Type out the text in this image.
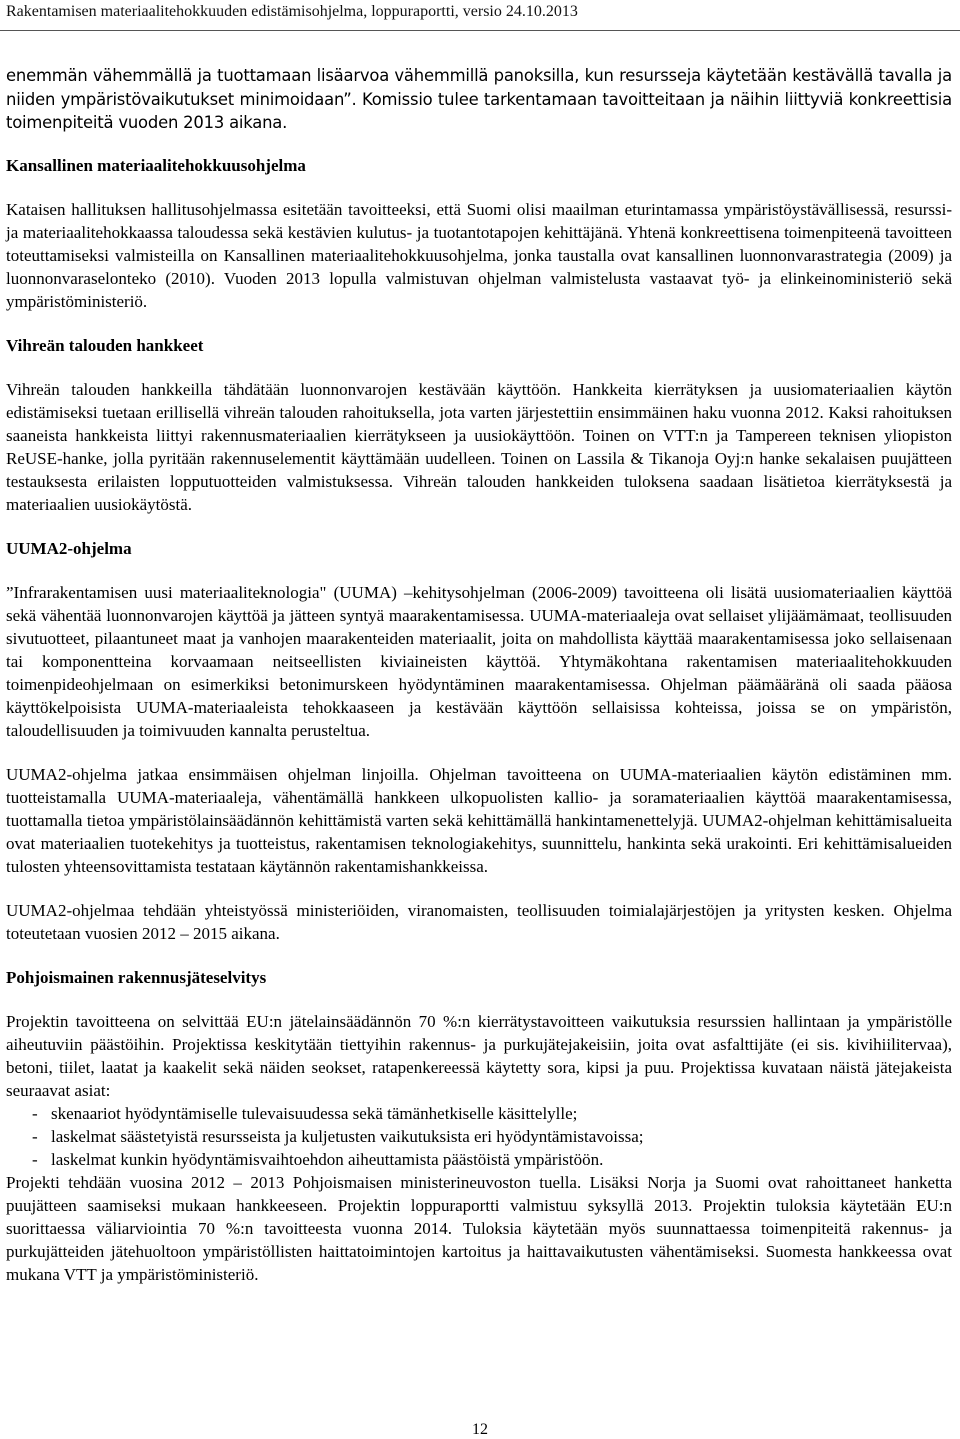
Rakentamisen materiaalitehokkuuden edistämisohjelma, loppuraportti, versio 24.10.2013

enemmän vähemmällä ja tuottamaan lisäarvoa vähemmillä panoksilla, kun resursseja käytetään kestävällä tavalla ja niiden ympäristövaikutukset minimoidaan”. Komissio tulee tarkentamaan tavoitteitaan ja näihin liittyviä konkreettisia toimenpiteitä vuoden 2013 aikana.

Kansallinen materiaalitehokkuusohjelma

Kataisen hallituksen hallitusohjelmassa esitetään tavoitteeksi, että Suomi olisi maailman eturintamassa ympäristöystävällisessä, resurssi- ja materiaalitehokkaassa taloudessa sekä kestävien kulutus- ja tuotantotapojen kehittäjänä. Yhtenä konkreettisena toimenpiteenä tavoitteen toteuttamiseksi valmisteilla on Kansallinen materiaalitehokkuusohjelma, jonka taustalla ovat kansallinen luonnonvarastrategia (2009) ja luonnonvaraselonteko (2010). Vuoden 2013 lopulla valmistuvan ohjelman valmistelusta vastaavat työ- ja elinkeinoministeriö sekä ympäristöministeriö.

Vihreän talouden hankkeet

Vihreän talouden hankkeilla tähdätään luonnonvarojen kestävään käyttöön. Hankkeita kierrätyksen ja uusiomateriaalien käytön edistämiseksi tuetaan erillisellä vihreän talouden rahoituksella, jota varten järjestettiin ensimmäinen haku vuonna 2012. Kaksi rahoituksen saaneista hankkeista liittyi rakennusmateriaalien kierrätykseen ja uusiokäyttöön. Toinen on VTT:n ja Tampereen teknisen yliopiston ReUSE-hanke, jolla pyritään rakennuselementit käyttämään uudelleen. Toinen on Lassila & Tikanoja Oyj:n hanke sekalaisen puujätteen testauksesta erilaisten lopputuotteiden valmistuksessa. Vihreän talouden hankkeiden tuloksena saadaan lisätietoa kierrätyksestä ja materiaalien uusiokäytöstä.

UUMA2-ohjelma

”Infrarakentamisen uusi materiaaliteknologia" (UUMA) –kehitysohjelman (2006-2009) tavoitteena oli lisätä uusiomateriaalien käyttöä sekä vähentää luonnonvarojen käyttöä ja jätteen syntyä maarakentamisessa. UUMA-materiaaleja ovat sellaiset ylijäämämaat, teollisuuden sivutuotteet, pilaantuneet maat ja vanhojen maarakenteiden materiaalit, joita on mahdollista käyttää maarakentamisessa joko sellaisenaan tai komponentteina korvaamaan neitseellisten kiviaineisten käyttöä. Yhtymäkohtana rakentamisen materiaalitehokkuuden toimenpideohjelmaan on esimerkiksi betonimurskeen hyödyntäminen maarakentamisessa. Ohjelman päämääränä oli saada pääosa käyttökelpoisista UUMA-materiaaleista tehokkaaseen ja kestävään käyttöön sellaisissa kohteissa, joissa se on ympäristön, taloudellisuuden ja toimivuuden kannalta perusteltua.

UUMA2-ohjelma jatkaa ensimmäisen ohjelman linjoilla. Ohjelman tavoitteena on UUMA-materiaalien käytön edistäminen mm. tuotteistamalla UUMA-materiaaleja, vähentämällä hankkeen ulkopuolisten kallio- ja soramateriaalien käyttöä maarakentamisessa, tuottamalla tietoa ympäristölainsäädännön kehittämistä varten sekä kehittämällä hankintamenettelyjä. UUMA2-ohjelman kehittämisalueita ovat materiaalien tuotekehitys ja tuotteistus, rakentamisen teknologiakehitys, suunnittelu, hankinta sekä urakointi. Eri kehittämisalueiden tulosten yhteensovittamista testataan käytännön rakentamishankkeissa.

UUMA2-ohjelmaa tehdään yhteistyössä ministeriöiden, viranomaisten, teollisuuden toimialajärjestöjen ja yritysten kesken. Ohjelma toteutetaan vuosien 2012 – 2015 aikana.

Pohjoismainen rakennusjäteselvitys

Projektin tavoitteena on selvittää EU:n jätelainsäädännön 70 %:n kierrätystavoitteen vaikutuksia resurssien hallintaan ja ympäristölle aiheutuviin päästöihin. Projektissa keskitytään tiettyihin rakennus- ja purkujätejakeisiin, joita ovat asfalttijäte (ei sis. kivihiilitervaa), betoni, tiilet, laatat ja kaakelit sekä näiden seokset, ratapenkereessä käytetty sora, kipsi ja puu. Projektissa kuvataan näistä jätejakeista seuraavat asiat:

- skenaariot hyödyntämiselle tulevaisuudessa sekä tämänhetkiselle käsittelylle;
- laskelmat säästetyistä resursseista ja kuljetusten vaikutuksista eri hyödyntämistavoissa;
- laskelmat kunkin hyödyntämisvaihtoehdon aiheuttamista päästöistä ympäristöön.

Projekti tehdään vuosina 2012 – 2013 Pohjoismaisen ministerineuvoston tuella. Lisäksi Norja ja Suomi ovat rahoittaneet hanketta puujätteen saamiseksi mukaan hankkeeseen. Projektin loppuraportti valmistuu syksyllä 2013. Projektin tuloksia käytetään EU:n suorittaessa väliarviointia 70 %:n tavoitteesta vuonna 2014. Tuloksia käytetään myös suunnattaessa toimenpiteitä rakennus- ja purkujätteiden jätehuoltoon ympäristöllisten haittatoimintojen kartoitus ja haittavaikutusten vähentämiseksi. Suomesta hankkeessa ovat mukana VTT ja ympäristöministeriö.

12
